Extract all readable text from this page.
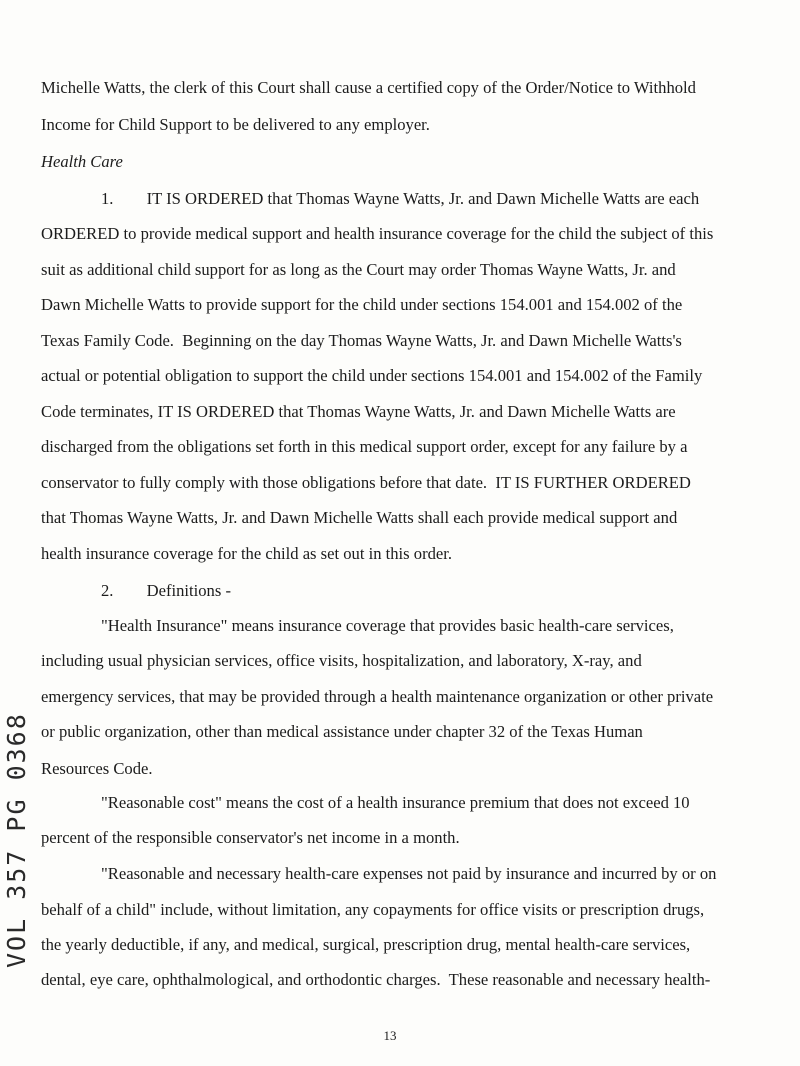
Michelle Watts, the clerk of this Court shall cause a certified copy of the Order/Notice to Withhold
Income for Child Support to be delivered to any employer.
Health Care
1.        IT IS ORDERED that Thomas Wayne Watts, Jr. and Dawn Michelle Watts are each
ORDERED to provide medical support and health insurance coverage for the child the subject of this
suit as additional child support for as long as the Court may order Thomas Wayne Watts, Jr. and
Dawn Michelle Watts to provide support for the child under sections 154.001 and 154.002 of the
Texas Family Code.  Beginning on the day Thomas Wayne Watts, Jr. and Dawn Michelle Watts's
actual or potential obligation to support the child under sections 154.001 and 154.002 of the Family
Code terminates, IT IS ORDERED that Thomas Wayne Watts, Jr. and Dawn Michelle Watts are
discharged from the obligations set forth in this medical support order, except for any failure by a
conservator to fully comply with those obligations before that date.  IT IS FURTHER ORDERED
that Thomas Wayne Watts, Jr. and Dawn Michelle Watts shall each provide medical support and
health insurance coverage for the child as set out in this order.
2.        Definitions -
"Health Insurance" means insurance coverage that provides basic health-care services,
including usual physician services, office visits, hospitalization, and laboratory, X-ray, and
emergency services, that may be provided through a health maintenance organization or other private
or public organization, other than medical assistance under chapter 32 of the Texas Human
Resources Code.
"Reasonable cost" means the cost of a health insurance premium that does not exceed 10
percent of the responsible conservator's net income in a month.
"Reasonable and necessary health-care expenses not paid by insurance and incurred by or on
behalf of a child" include, without limitation, any copayments for office visits or prescription drugs,
the yearly deductible, if any, and medical, surgical, prescription drug, mental health-care services,
dental, eye care, ophthalmological, and orthodontic charges.  These reasonable and necessary health-
13
VOL 357 PG 0368
